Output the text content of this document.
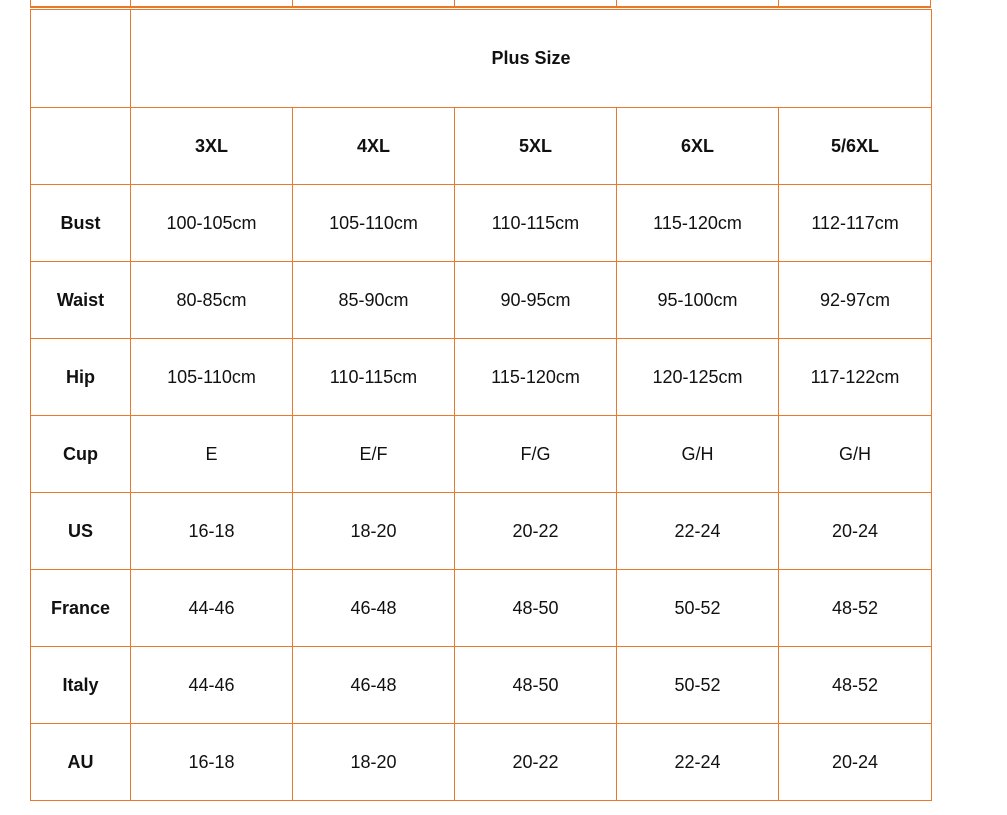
	Plus Size				
	3XL	4XL	5XL	6XL	5/6XL
Bust	100-105cm	105-110cm	110-115cm	115-120cm	112-117cm
Waist	80-85cm	85-90cm	90-95cm	95-100cm	92-97cm
Hip	105-110cm	110-115cm	115-120cm	120-125cm	117-122cm
Cup	E	E/F	F/G	G/H	G/H
US	16-18	18-20	20-22	22-24	20-24
France	44-46	46-48	48-50	50-52	48-52
Italy	44-46	46-48	48-50	50-52	48-52
AU	16-18	18-20	20-22	22-24	20-24
